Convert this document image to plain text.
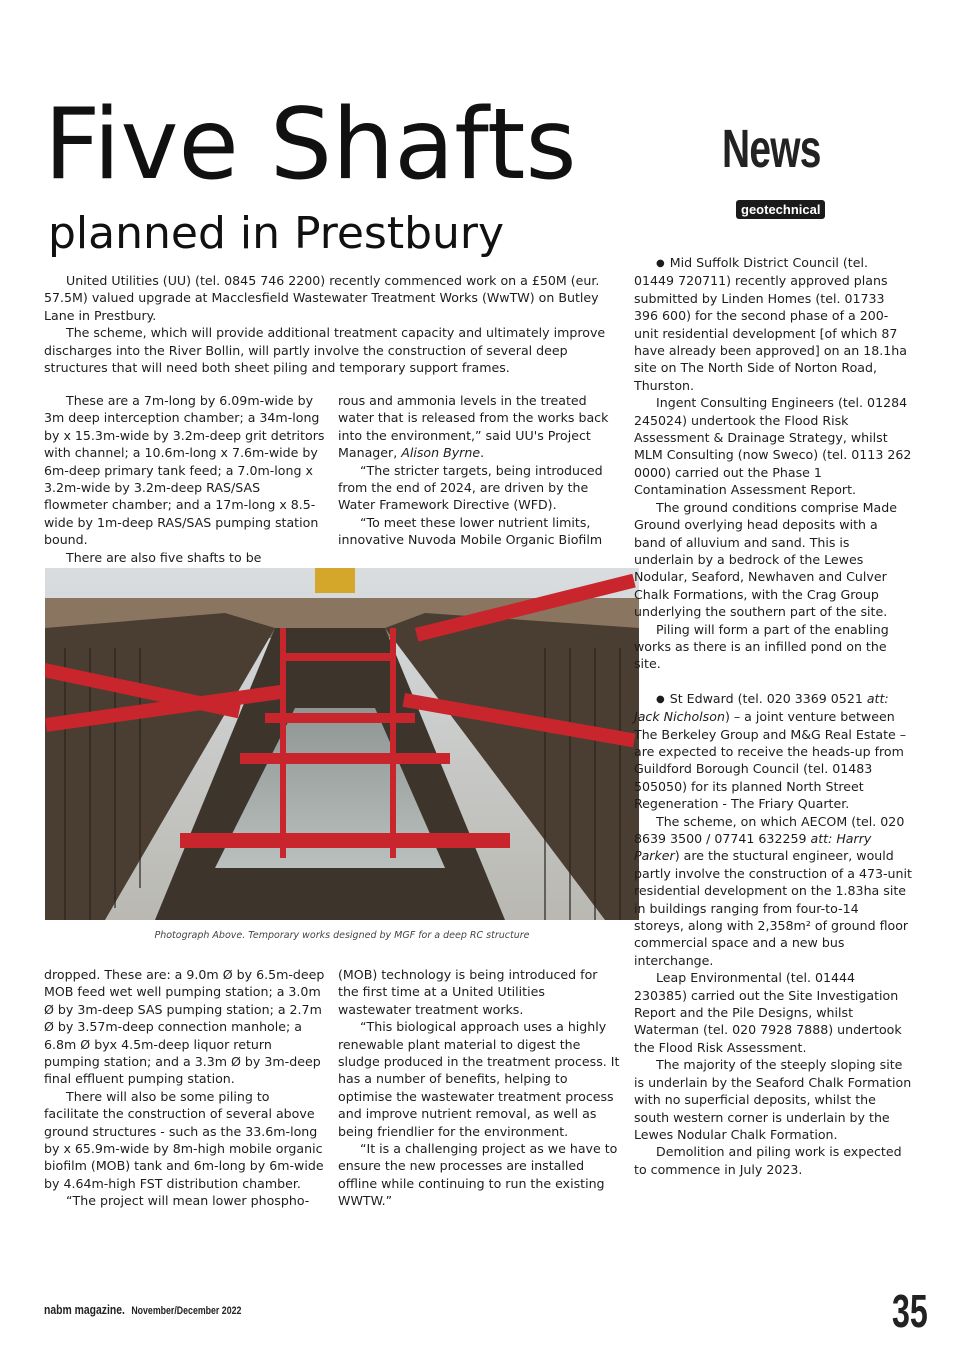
Five Shafts
planned in Prestbury
News
geotechnical

United Utilities (UU) (tel. 0845 746 2200) recently commenced work on a £50M (eur. 57.5M) valued upgrade at Macclesfield Wastewater Treatment Works (WwTW) on Butley Lane in Prestbury.

The scheme, which will provide additional treatment capacity and ultimately improve discharges into the River Bollin, will partly involve the construction of several deep structures that will need both sheet piling and temporary support frames.

These are a 7m-long by 6.09m-wide by 3m deep interception chamber; a 34m-long by x 15.3m-wide by 3.2m-deep grit detritors with channel; a 10.6m-long x 7.6m-wide by 6m-deep primary tank feed; a 7.0m-long x 3.2m-wide by 3.2m-deep RAS/SAS flowmeter chamber; and a 17m-long x 8.5-wide by 1m-deep RAS/SAS pumping station bound.

There are also five shafts to be

rous and ammonia levels in the treated water that is released from the works back into the environment,” said UU's Project Manager, Alison Byrne.

“The stricter targets, being introduced from the end of 2024, are driven by the Water Framework Directive (WFD).

“To meet these lower nutrient limits, innovative Nuvoda Mobile Organic Biofilm

Photograph Above. Temporary works designed by MGF for a deep RC structure

dropped. These are: a 9.0m Ø by 6.5m-deep MOB feed wet well pumping station; a 3.0m Ø by 3m-deep SAS pumping station; a 2.7m Ø by 3.57m-deep connection manhole; a 6.8m Ø byx 4.5m-deep liquor return pumping station; and a 3.3m Ø by 3m-deep final effluent pumping station.

There will also be some piling to facilitate the construction of several above ground structures - such as the 33.6m-long by x 65.9m-wide by 8m-high mobile organic biofilm (MOB) tank and 6m-long by 6m-wide by 4.64m-high FST distribution chamber.

“The project will mean lower phospho-

(MOB) technology is being introduced for the first time at a United Utilities wastewater treatment works.

“This biological approach uses a highly renewable plant material to digest the sludge produced in the treatment process. It has a number of benefits, helping to optimise the wastewater treatment process and improve nutrient removal, as well as being friendlier for the environment.

“It is a challenging project as we have to ensure the new processes are installed offline while continuing to run the existing WWTW.”

● Mid Suffolk District Council (tel. 01449 720711) recently approved plans submitted by Linden Homes (tel. 01733 396 600) for the second phase of a 200-unit residential development [of which 87 have already been approved] on an 18.1ha site on The North Side of Norton Road, Thurston.

Ingent Consulting Engineers (tel. 01284 245024) undertook the Flood Risk Assessment & Drainage Strategy, whilst MLM Consulting (now Sweco) (tel. 0113 262 0000) carried out the Phase 1 Contamination Assessment Report.

The ground conditions comprise Made Ground overlying head deposits with a band of alluvium and sand. This is underlain by a bedrock of the Lewes Nodular, Seaford, Newhaven and Culver Chalk Formations, with the Crag Group underlying the southern part of the site.

Piling will form a part of the enabling works as there is an infilled pond on the site.

● St Edward (tel. 020 3369 0521 att: Jack Nicholson) – a joint venture between The Berkeley Group and M&G Real Estate – are expected to receive the heads-up from Guildford Borough Council (tel. 01483 505050) for its planned North Street Regeneration - The Friary Quarter.

The scheme, on which AECOM (tel. 020 8639 3500 / 07741 632259 att: Harry Parker) are the stuctural engineer, would partly involve the construction of a 473-unit residential development on the 1.83ha site in buildings ranging from four-to-14 storeys, along with 2,358m² of ground floor commercial space and a new bus interchange.

Leap Environmental (tel. 01444 230385) carried out the Site Investigation Report and the Pile Designs, whilst Waterman (tel. 020 7928 7888) undertook the Flood Risk Assessment.

The majority of the steeply sloping site is underlain by the Seaford Chalk Formation with no superficial deposits, whilst the south western corner is underlain by the Lewes Nodular Chalk Formation.

Demolition and piling work is expected to commence in July 2023.

nabm magazine. November/December 2022	35
